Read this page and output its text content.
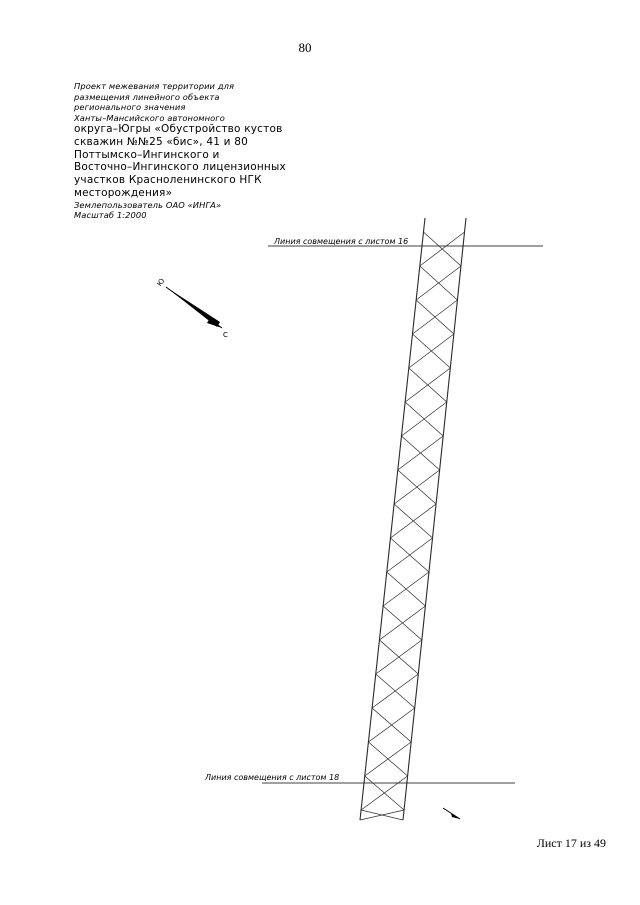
80
Проект межевания территории для
размещения линейного объекта
регионального значения
Ханты–Мансийского автономного
округа–Югры «Обустройство кустов
скважин №№25 «бис», 41 и 80
Поттымско–Ингинского и
Восточно–Ингинского лицензионных
участков Красноленинского НГК
месторождения»
Землепользователь ОАО «ИНГА»
Масштаб 1:2000
Линия совмещения с листом 16
Линия совмещения с листом 18
Ю
С
Лист 17 из 49
